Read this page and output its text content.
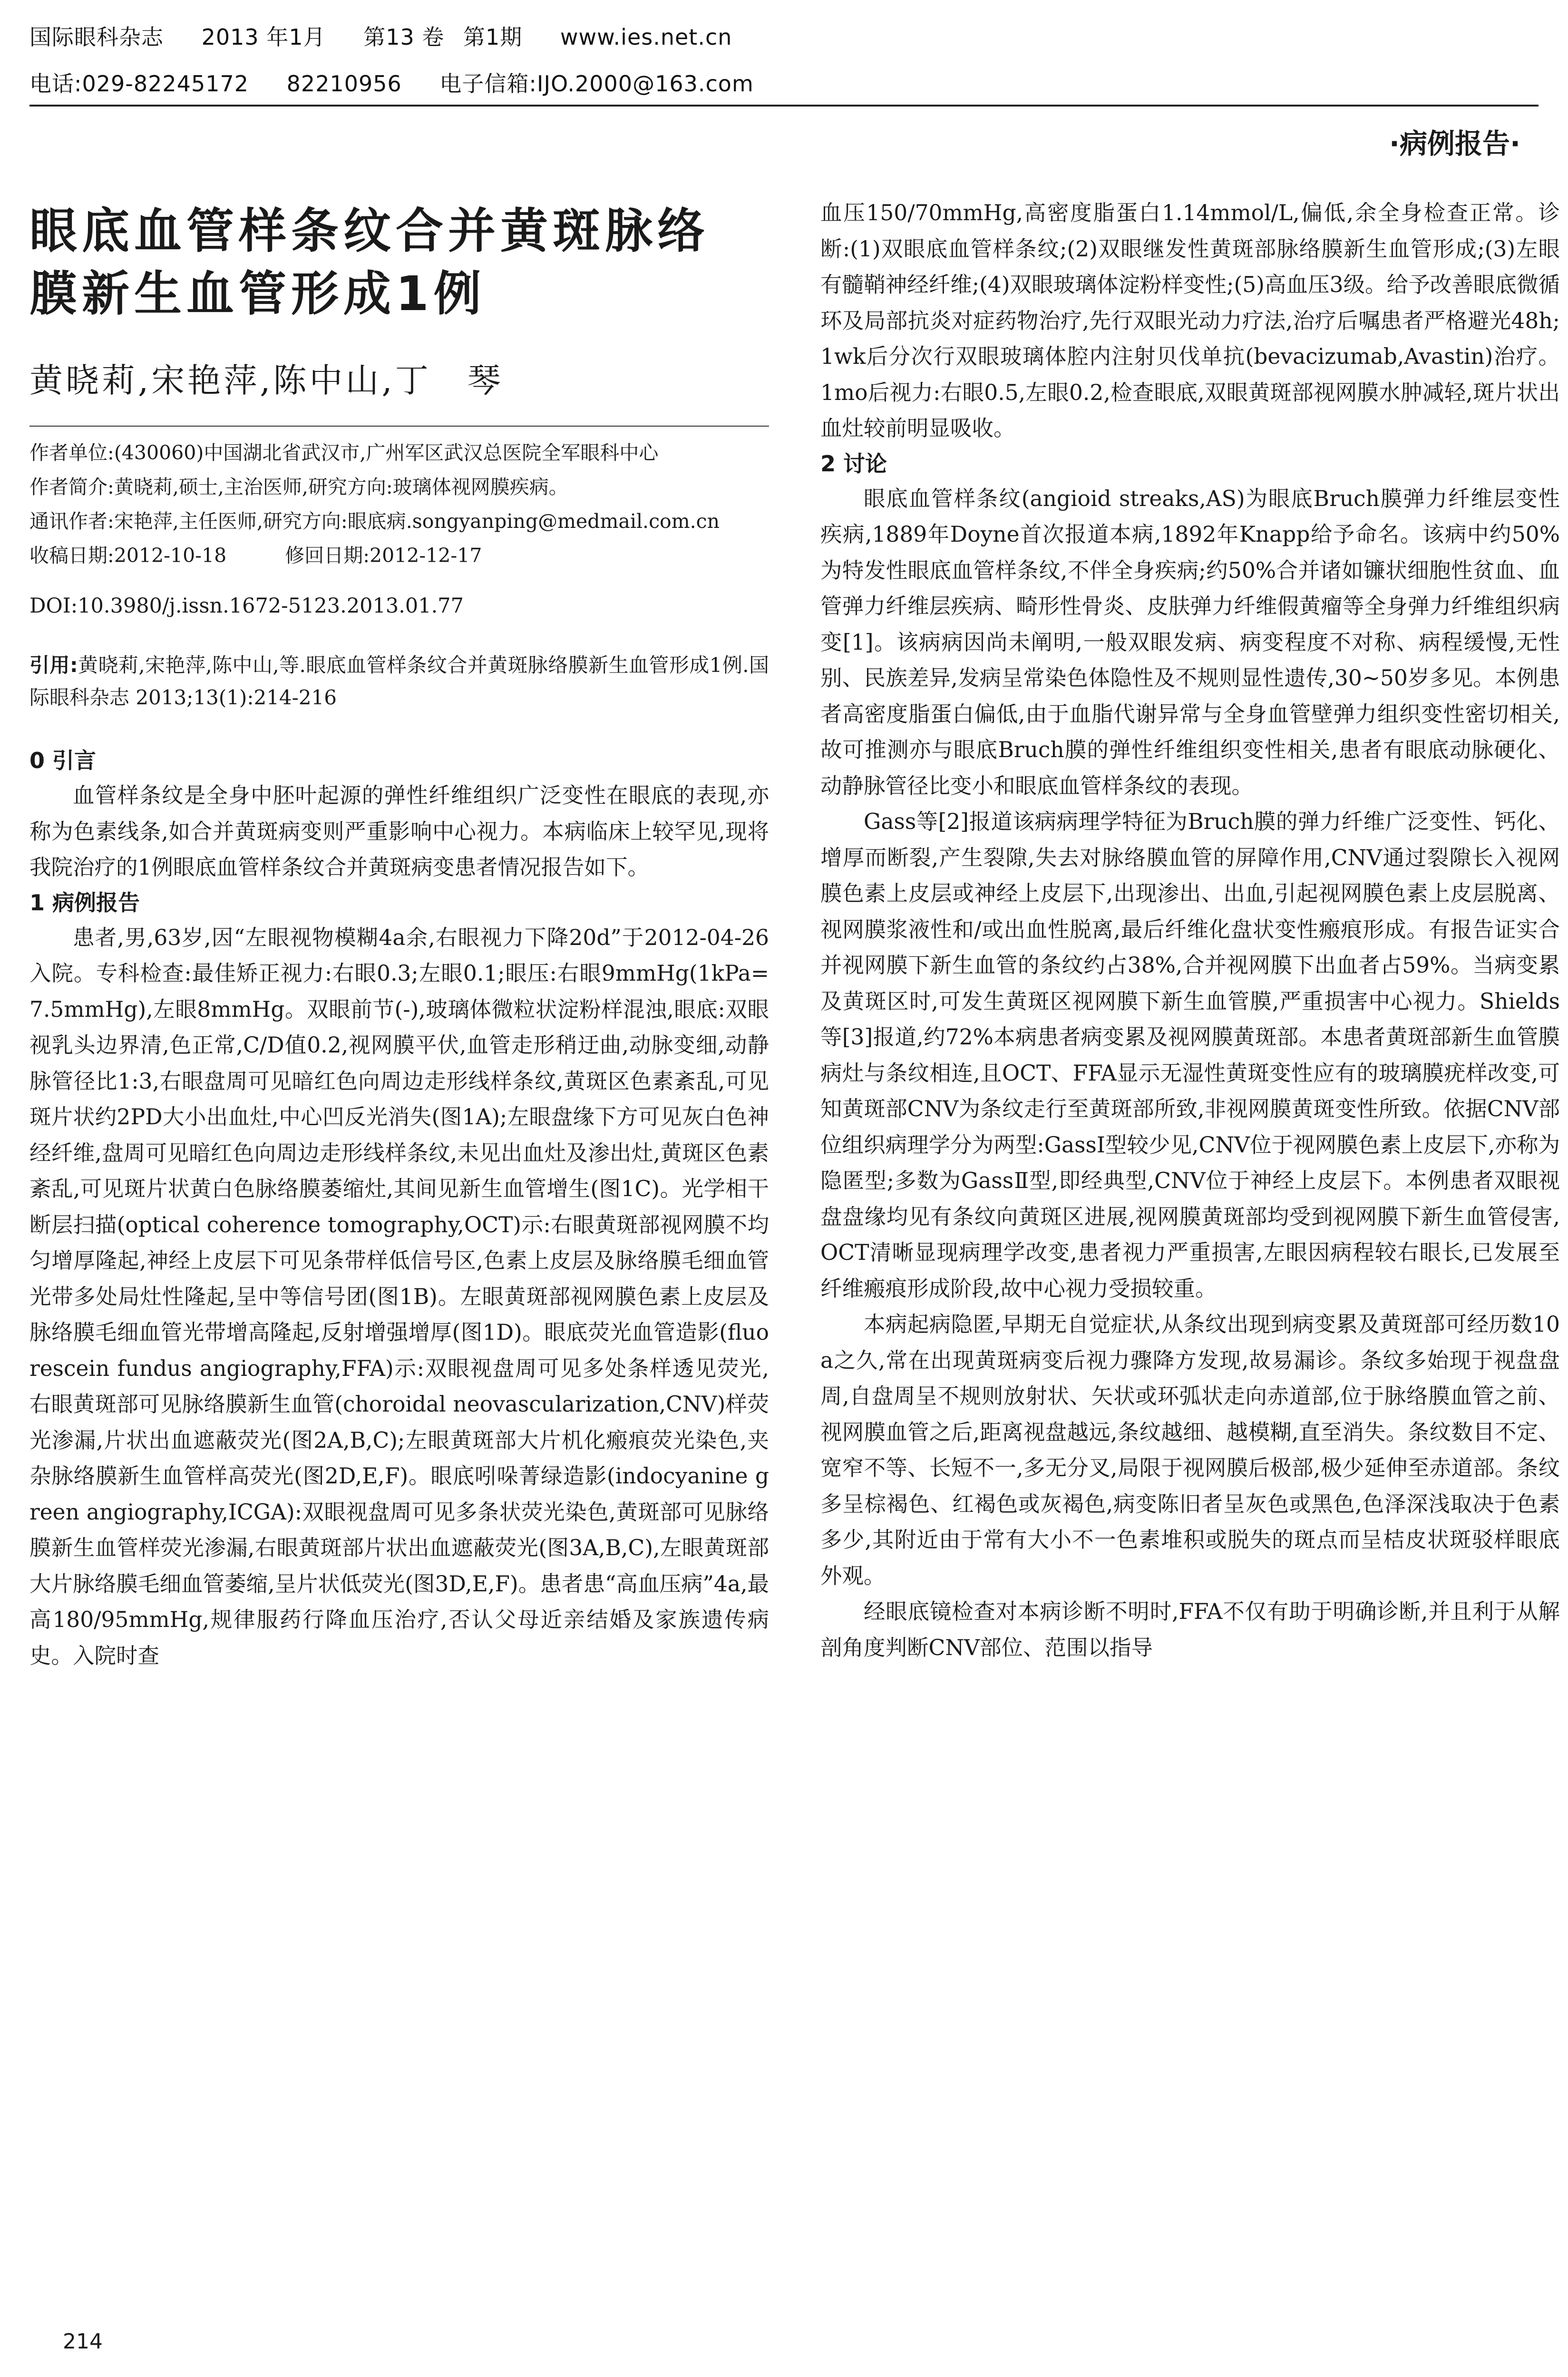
国际眼科杂志 2013 年1月 第13 卷 第1期 www.ies.net.cn
电话:029-82245172 82210956 电子信箱:IJO.2000@163.com
·病例报告·
眼底血管样条纹合并黄斑脉络
膜新生血管形成1例
黄晓莉,宋艳萍,陈中山,丁　琴

作者单位:(430060)中国湖北省武汉市,广州军区武汉总医院全军眼科中心

作者简介:黄晓莉,硕士,主治医师,研究方向:玻璃体视网膜疾病。

通讯作者:宋艳萍,主任医师,研究方向:眼底病.songyanping@medmail.com.cn

收稿日期:2012-10-18　　　修回日期:2012-12-17

DOI:10.3980/j.issn.1672-5123.2013.01.77

引用:黄晓莉,宋艳萍,陈中山,等.眼底血管样条纹合并黄斑脉络膜新生血管形成1例.国际眼科杂志 2013;13(1):214-216

0 引言

血管样条纹是全身中胚叶起源的弹性纤维组织广泛变性在眼底的表现,亦称为色素线条,如合并黄斑病变则严重影响中心视力。本病临床上较罕见,现将我院治疗的1例眼底血管样条纹合并黄斑病变患者情况报告如下。

1 病例报告

患者,男,63岁,因“左眼视物模糊4a余,右眼视力下降20d”于2012-04-26入院。专科检查:最佳矫正视力:右眼0.3;左眼0.1;眼压:右眼9mmHg(1kPa=7.5mmHg),左眼8mmHg。双眼前节(-),玻璃体微粒状淀粉样混浊,眼底:双眼视乳头边界清,色正常,C/D值0.2,视网膜平伏,血管走形稍迂曲,动脉变细,动静脉管径比1:3,右眼盘周可见暗红色向周边走形线样条纹,黄斑区色素紊乱,可见斑片状约2PD大小出血灶,中心凹反光消失(图1A);左眼盘缘下方可见灰白色神经纤维,盘周可见暗红色向周边走形线样条纹,未见出血灶及渗出灶,黄斑区色素紊乱,可见斑片状黄白色脉络膜萎缩灶,其间见新生血管增生(图1C)。光学相干断层扫描(optical coherence tomography,OCT)示:右眼黄斑部视网膜不均匀增厚隆起,神经上皮层下可见条带样低信号区,色素上皮层及脉络膜毛细血管光带多处局灶性隆起,呈中等信号团(图1B)。左眼黄斑部视网膜色素上皮层及脉络膜毛细血管光带增高隆起,反射增强增厚(图1D)。眼底荧光血管造影(fluorescein fundus angiography,FFA)示:双眼视盘周可见多处条样透见荧光,右眼黄斑部可见脉络膜新生血管(choroidal neovascularization,CNV)样荧光渗漏,片状出血遮蔽荧光(图2A,B,C);左眼黄斑部大片机化瘢痕荧光染色,夹杂脉络膜新生血管样高荧光(图2D,E,F)。眼底吲哚菁绿造影(indocyanine green angiography,ICGA):双眼视盘周可见多条状荧光染色,黄斑部可见脉络膜新生血管样荧光渗漏,右眼黄斑部片状出血遮蔽荧光(图3A,B,C),左眼黄斑部大片脉络膜毛细血管萎缩,呈片状低荧光(图3D,E,F)。患者患“高血压病”4a,最高180/95mmHg,规律服药行降血压治疗,否认父母近亲结婚及家族遗传病史。入院时查

血压150/70mmHg,高密度脂蛋白1.14mmol/L,偏低,余全身检查正常。诊断:(1)双眼底血管样条纹;(2)双眼继发性黄斑部脉络膜新生血管形成;(3)左眼有髓鞘神经纤维;(4)双眼玻璃体淀粉样变性;(5)高血压3级。给予改善眼底微循环及局部抗炎对症药物治疗,先行双眼光动力疗法,治疗后嘱患者严格避光48h;1wk后分次行双眼玻璃体腔内注射贝伐单抗(bevacizumab,Avastin)治疗。1mo后视力:右眼0.5,左眼0.2,检查眼底,双眼黄斑部视网膜水肿减轻,斑片状出血灶较前明显吸收。

2 讨论

眼底血管样条纹(angioid streaks,AS)为眼底Bruch膜弹力纤维层变性疾病,1889年Doyne首次报道本病,1892年Knapp给予命名。该病中约50%为特发性眼底血管样条纹,不伴全身疾病;约50%合并诸如镰状细胞性贫血、血管弹力纤维层疾病、畸形性骨炎、皮肤弹力纤维假黄瘤等全身弹力纤维组织病变[1]。该病病因尚未阐明,一般双眼发病、病变程度不对称、病程缓慢,无性别、民族差异,发病呈常染色体隐性及不规则显性遗传,30~50岁多见。本例患者高密度脂蛋白偏低,由于血脂代谢异常与全身血管壁弹力组织变性密切相关,故可推测亦与眼底Bruch膜的弹性纤维组织变性相关,患者有眼底动脉硬化、动静脉管径比变小和眼底血管样条纹的表现。

Gass等[2]报道该病病理学特征为Bruch膜的弹力纤维广泛变性、钙化、增厚而断裂,产生裂隙,失去对脉络膜血管的屏障作用,CNV通过裂隙长入视网膜色素上皮层或神经上皮层下,出现渗出、出血,引起视网膜色素上皮层脱离、视网膜浆液性和/或出血性脱离,最后纤维化盘状变性瘢痕形成。有报告证实合并视网膜下新生血管的条纹约占38%,合并视网膜下出血者占59%。当病变累及黄斑区时,可发生黄斑区视网膜下新生血管膜,严重损害中心视力。Shields等[3]报道,约72%本病患者病变累及视网膜黄斑部。本患者黄斑部新生血管膜病灶与条纹相连,且OCT、FFA显示无湿性黄斑变性应有的玻璃膜疣样改变,可知黄斑部CNV为条纹走行至黄斑部所致,非视网膜黄斑变性所致。依据CNV部位组织病理学分为两型:GassⅠ型较少见,CNV位于视网膜色素上皮层下,亦称为隐匿型;多数为GassⅡ型,即经典型,CNV位于神经上皮层下。本例患者双眼视盘盘缘均见有条纹向黄斑区进展,视网膜黄斑部均受到视网膜下新生血管侵害,OCT清晰显现病理学改变,患者视力严重损害,左眼因病程较右眼长,已发展至纤维瘢痕形成阶段,故中心视力受损较重。

本病起病隐匿,早期无自觉症状,从条纹出现到病变累及黄斑部可经历数10a之久,常在出现黄斑病变后视力骤降方发现,故易漏诊。条纹多始现于视盘盘周,自盘周呈不规则放射状、矢状或环弧状走向赤道部,位于脉络膜血管之前、视网膜血管之后,距离视盘越远,条纹越细、越模糊,直至消失。条纹数目不定、宽窄不等、长短不一,多无分叉,局限于视网膜后极部,极少延伸至赤道部。条纹多呈棕褐色、红褐色或灰褐色,病变陈旧者呈灰色或黑色,色泽深浅取决于色素多少,其附近由于常有大小不一色素堆积或脱失的斑点而呈桔皮状斑驳样眼底外观。

经眼底镜检查对本病诊断不明时,FFA不仅有助于明确诊断,并且利于从解剖角度判断CNV部位、范围以指导

214
